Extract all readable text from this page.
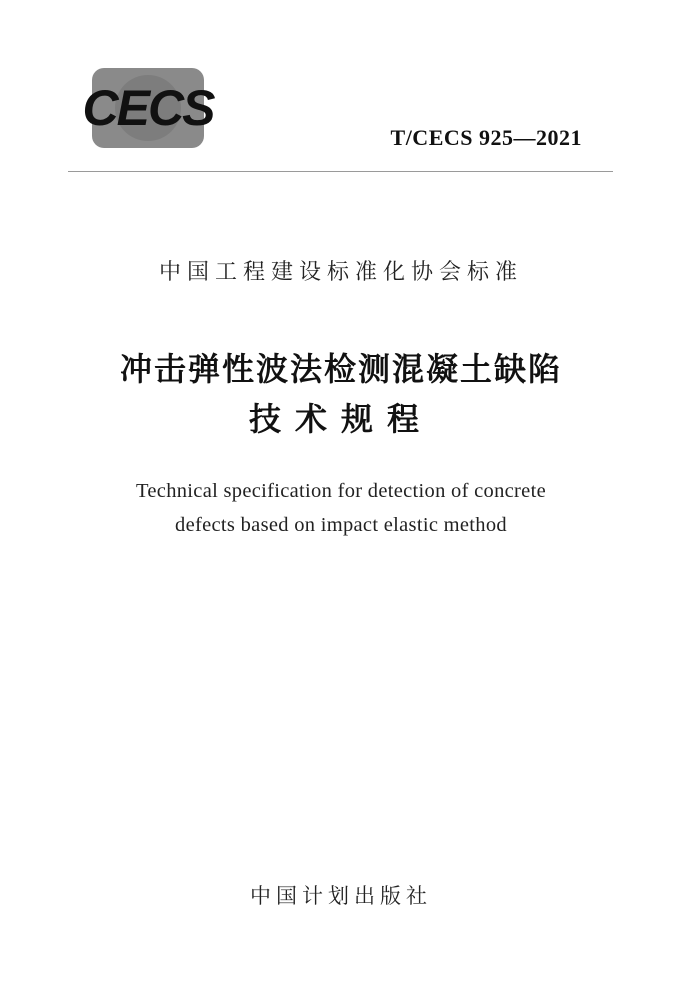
CECS
T/CECS 925—2021
中国工程建设标准化协会标准
冲击弹性波法检测混凝土缺陷
技术规程
Technical specification for detection of concrete
defects based on impact elastic method
中国计划出版社
